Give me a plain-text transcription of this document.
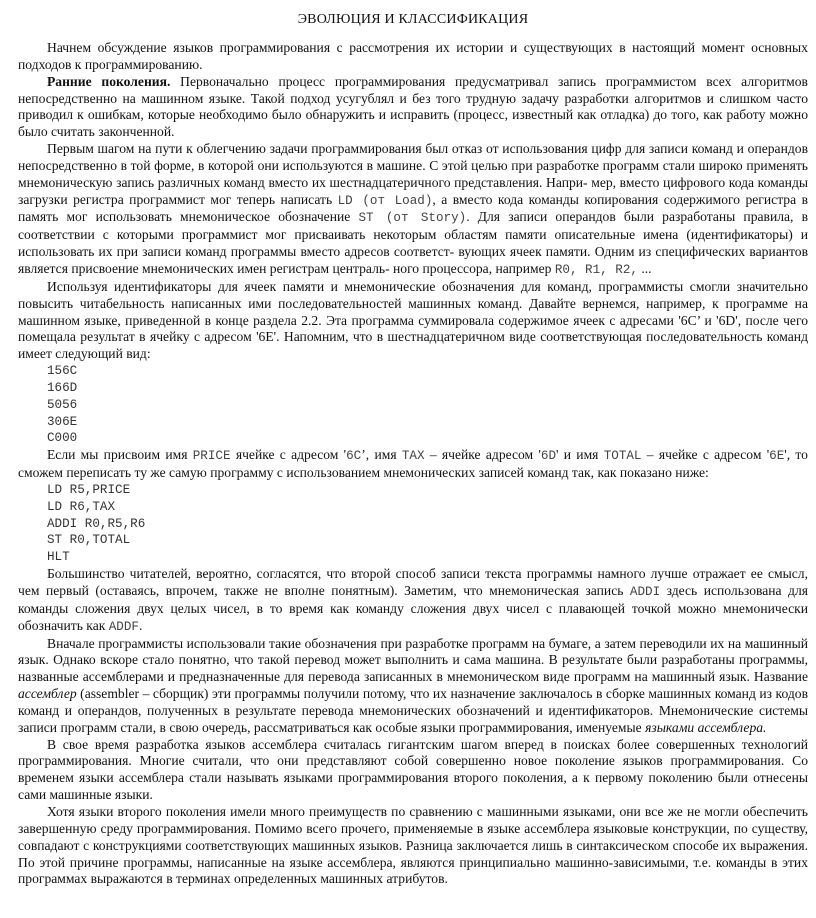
ЭВОЛЮЦИЯ И КЛАССИФИКАЦИЯ

Начнем обсуждение языков программирования с рассмотрения их истории и существующих в настоящий момент основных подходов к программированию.

Ранние поколения. Первоначально процесс программирования предусматривал запись программистом всех алгоритмов непосредственно на машинном языке. Такой подход усугублял и без того трудную задачу разработки алгоритмов и слишком часто приводил к ошибкам, которые необходимо было обнаружить и исправить (процесс, известный как отладка) до того, как работу можно было считать законченной.

Первым шагом на пути к облегчению задачи программирования был отказ от использования цифр для записи команд и операндов непосредственно в той форме, в которой они используются в машине. С этой целью при разработке программ стали широко применять мнемоническую запись различных команд вместо их шестнадцатеричного представления. Напри- мер, вместо цифрового кода команды загрузки регистра программист мог теперь написать LD (от Load), а вместо кода команды копирования содержимого регистра в память мог использовать мнемоническое обозначение ST (от Story). Для записи операндов были разработаны правила, в соответствии с которыми программист мог присваивать некоторым областям памяти описательные имена (идентификаторы) и использовать их при записи команд программы вместо адресов соответст- вующих ячеек памяти. Одним из специфических вариантов является присвоение мнемонических имен регистрам централь- ного процессора, например R0, R1, R2, ...

Используя идентификаторы для ячеек памяти и мнемонические обозначения для команд, программисты смогли значительно повысить читабельность написанных ими последовательностей машинных команд. Давайте вернемся, например, к программе на машинном языке, приведенной в конце раздела 2.2. Эта программа суммировала содержимое ячеек с адресами '6C’ и '6D', после чего помещала результат в ячейку с адресом '6E'. Напомним, что в шестнадцатеричном виде соответствующая последовательность команд имеет следующий вид:

156C
166D
5056
306E
C000

Если мы присвоим имя PRICE ячейке с адресом '6C’, имя TAX – ячейке адресом '6D' и имя TOTAL – ячейке с адресом '6E', то сможем переписать ту же самую программу с использованием мнемонических записей команд так, как показано ниже:

LD R5,PRICE
LD R6,TAX
ADDI R0,R5,R6
ST R0,TOTAL
HLT

Большинство читателей, вероятно, согласятся, что второй способ записи текста программы намного лучше отражает ее смысл, чем первый (оставаясь, впрочем, также не вполне понятным). Заметим, что мнемоническая запись ADDI здесь использована для команды сложения двух целых чисел, в то время как команду сложения двух чисел с плавающей точкой можно мнемонически обозначить как ADDF.

Вначале программисты использовали такие обозначения при разработке программ на бумаге, а затем переводили их на машинный язык. Однако вскоре стало понятно, что такой перевод может выполнить и сама машина. В результате были разработаны программы, названные ассемблерами и предназначенные для перевода записанных в мнемоническом виде программ на машинный язык. Название ассемблер (assembler – сборщик) эти программы получили потому, что их назначение заключалось в сборке машинных команд из кодов команд и операндов, полученных в результате перевода мнемонических обозначений и идентификаторов. Мнемонические системы записи программ стали, в свою очередь, рассматриваться как особые языки программирования, именуемые языками ассемблера.

В свое время разработка языков ассемблера считалась гигантским шагом вперед в поисках более совершенных технологий программирования. Многие считали, что они представляют собой совершенно новое поколение языков программирования. Со временем языки ассемблера стали называть языками программирования второго поколения, а к первому поколению были отнесены сами машинные языки.

Хотя языки второго поколения имели много преимуществ по сравнению с машинными языками, они все же не могли обеспечить завершенную среду программирования. Помимо всего прочего, применяемые в языке ассемблера языковые конструкции, по существу, совпадают с конструкциями соответствующих машинных языков. Разница заключается лишь в синтаксическом способе их выражения. По этой причине программы, написанные на языке ассемблера, являются принципиально машинно-зависимыми, т.е. команды в этих программах выражаются в терминах определенных машинных атрибутов.
